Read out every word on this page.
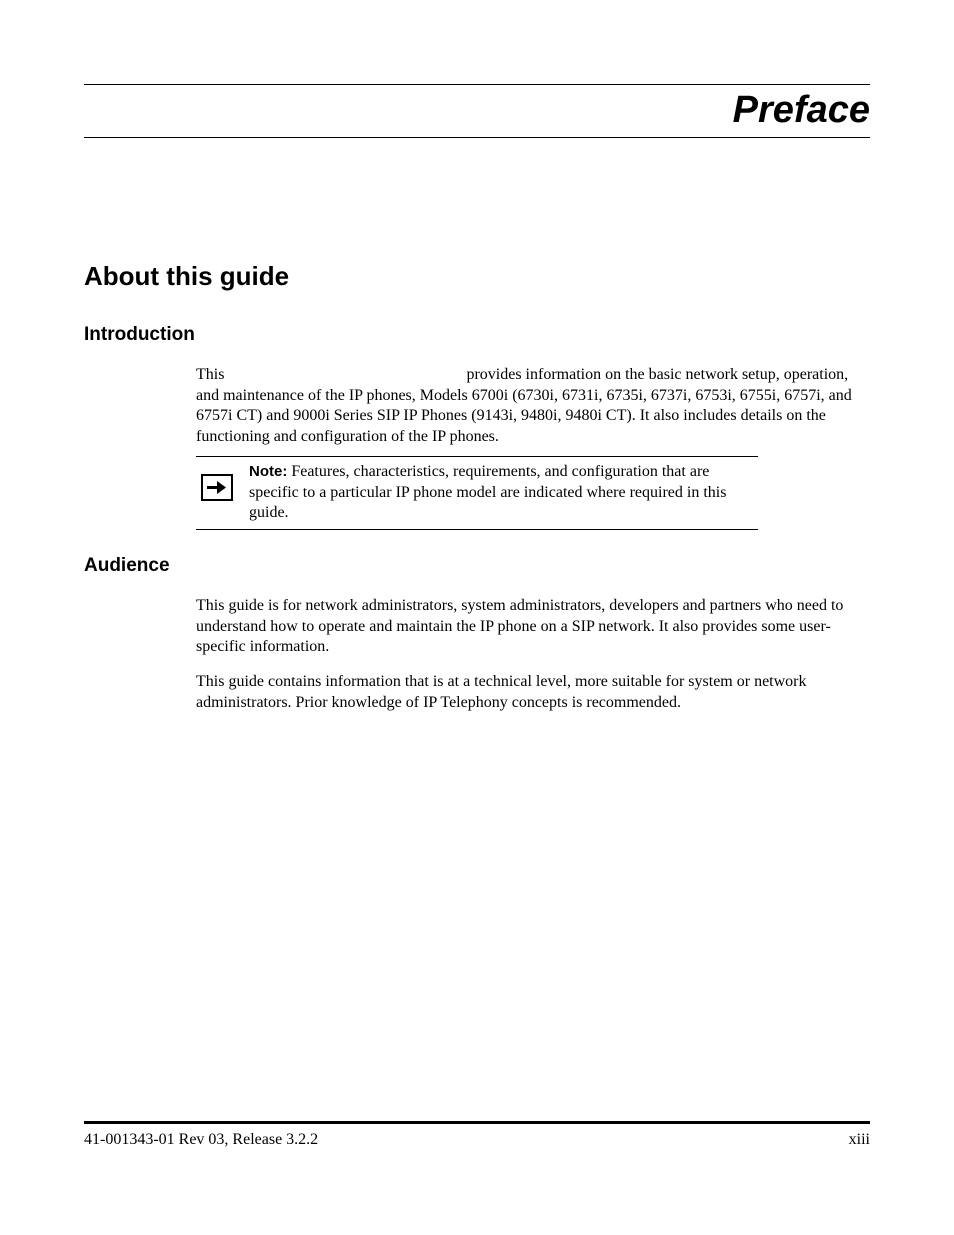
Preface
About this guide
Introduction

This	provides information on the basic network setup, operation, and maintenance of the IP phones, Models 6700i (6730i, 6731i, 6735i, 6737i, 6753i, 6755i, 6757i, and 6757i CT) and 9000i Series SIP IP Phones (9143i, 9480i, 9480i CT). It also includes details on the functioning and configuration of the IP phones.

Note: Features, characteristics, requirements, and configuration that are specific to a particular IP phone model are indicated where required in this guide.

Audience

This guide is for network administrators, system administrators, developers and partners who need to understand how to operate and maintain the IP phone on a SIP network. It also provides some user-specific information.

This guide contains information that is at a technical level, more suitable for system or network administrators. Prior knowledge of IP Telephony concepts is recommended.

41-001343-01 Rev 03, Release 3.2.2	xiii
